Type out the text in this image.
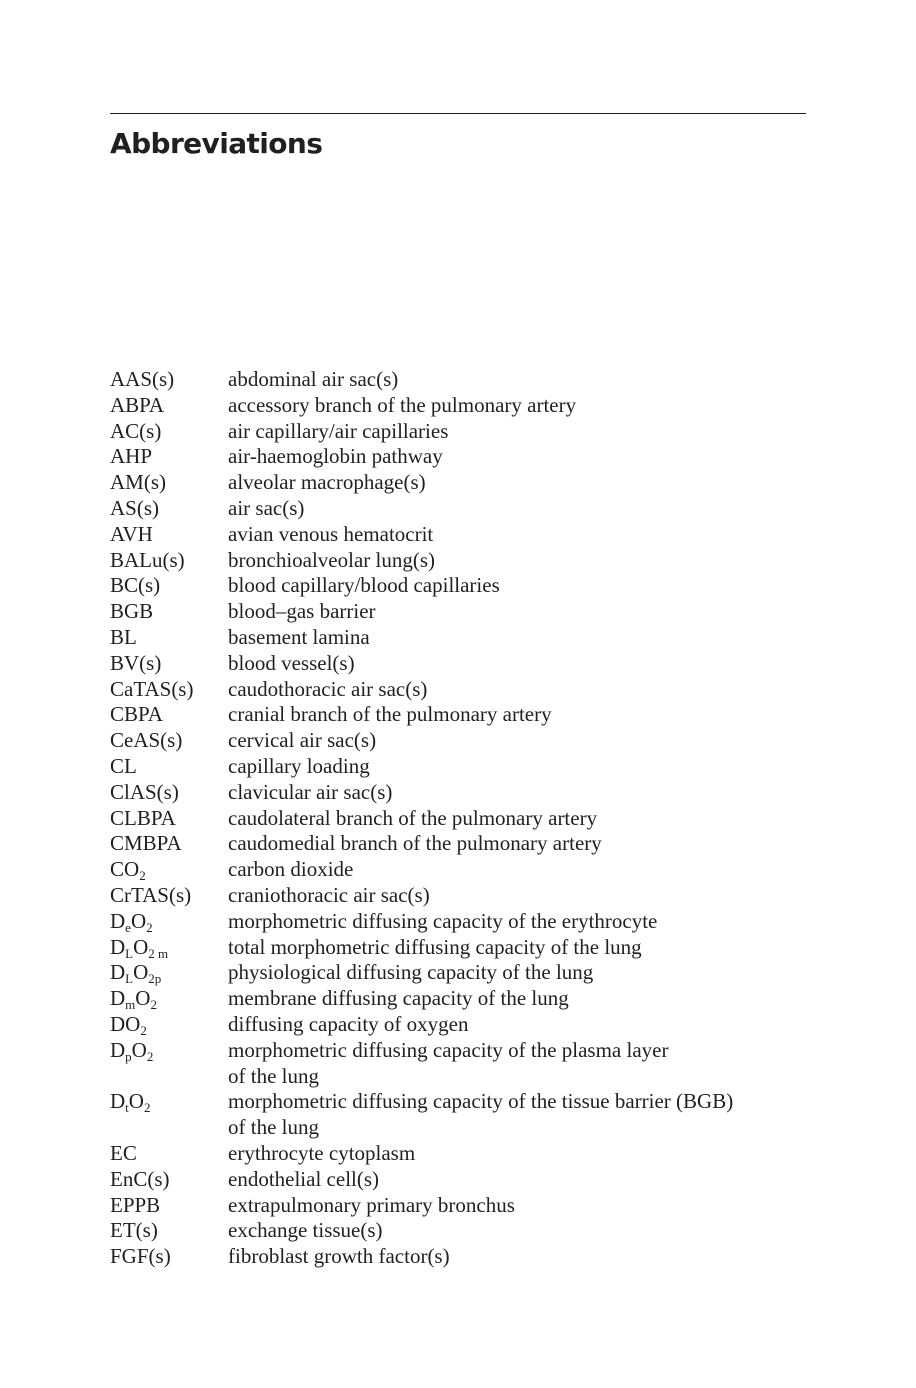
Abbreviations
AAS(s)	abdominal air sac(s)
ABPA	accessory branch of the pulmonary artery
AC(s)	air capillary/air capillaries
AHP	air-haemoglobin pathway
AM(s)	alveolar macrophage(s)
AS(s)	air sac(s)
AVH	avian venous hematocrit
BALu(s)	bronchioalveolar lung(s)
BC(s)	blood capillary/blood capillaries
BGB	blood–gas barrier
BL	basement lamina
BV(s)	blood vessel(s)
CaTAS(s)	caudothoracic air sac(s)
CBPA	cranial branch of the pulmonary artery
CeAS(s)	cervical air sac(s)
CL	capillary loading
ClAS(s)	clavicular air sac(s)
CLBPA	caudolateral branch of the pulmonary artery
CMBPA	caudomedial branch of the pulmonary artery
$CO_2$	carbon dioxide
CrTAS(s)	craniothoracic air sac(s)
$D_eO_2$	morphometric diffusing capacity of the erythrocyte
$D_LO_{2 m}$	total morphometric diffusing capacity of the lung
$D_LO_{2p}$	physiological diffusing capacity of the lung
$D_mO_2$	membrane diffusing capacity of the lung
$DO_2$	diffusing capacity of oxygen
$D_pO_2$	morphometric diffusing capacity of the plasma layer
of the lung
$D_tO_2$	morphometric diffusing capacity of the tissue barrier (BGB)
of the lung
EC	erythrocyte cytoplasm
EnC(s)	endothelial cell(s)
EPPB	extrapulmonary primary bronchus
ET(s)	exchange tissue(s)
FGF(s)	fibroblast growth factor(s)
